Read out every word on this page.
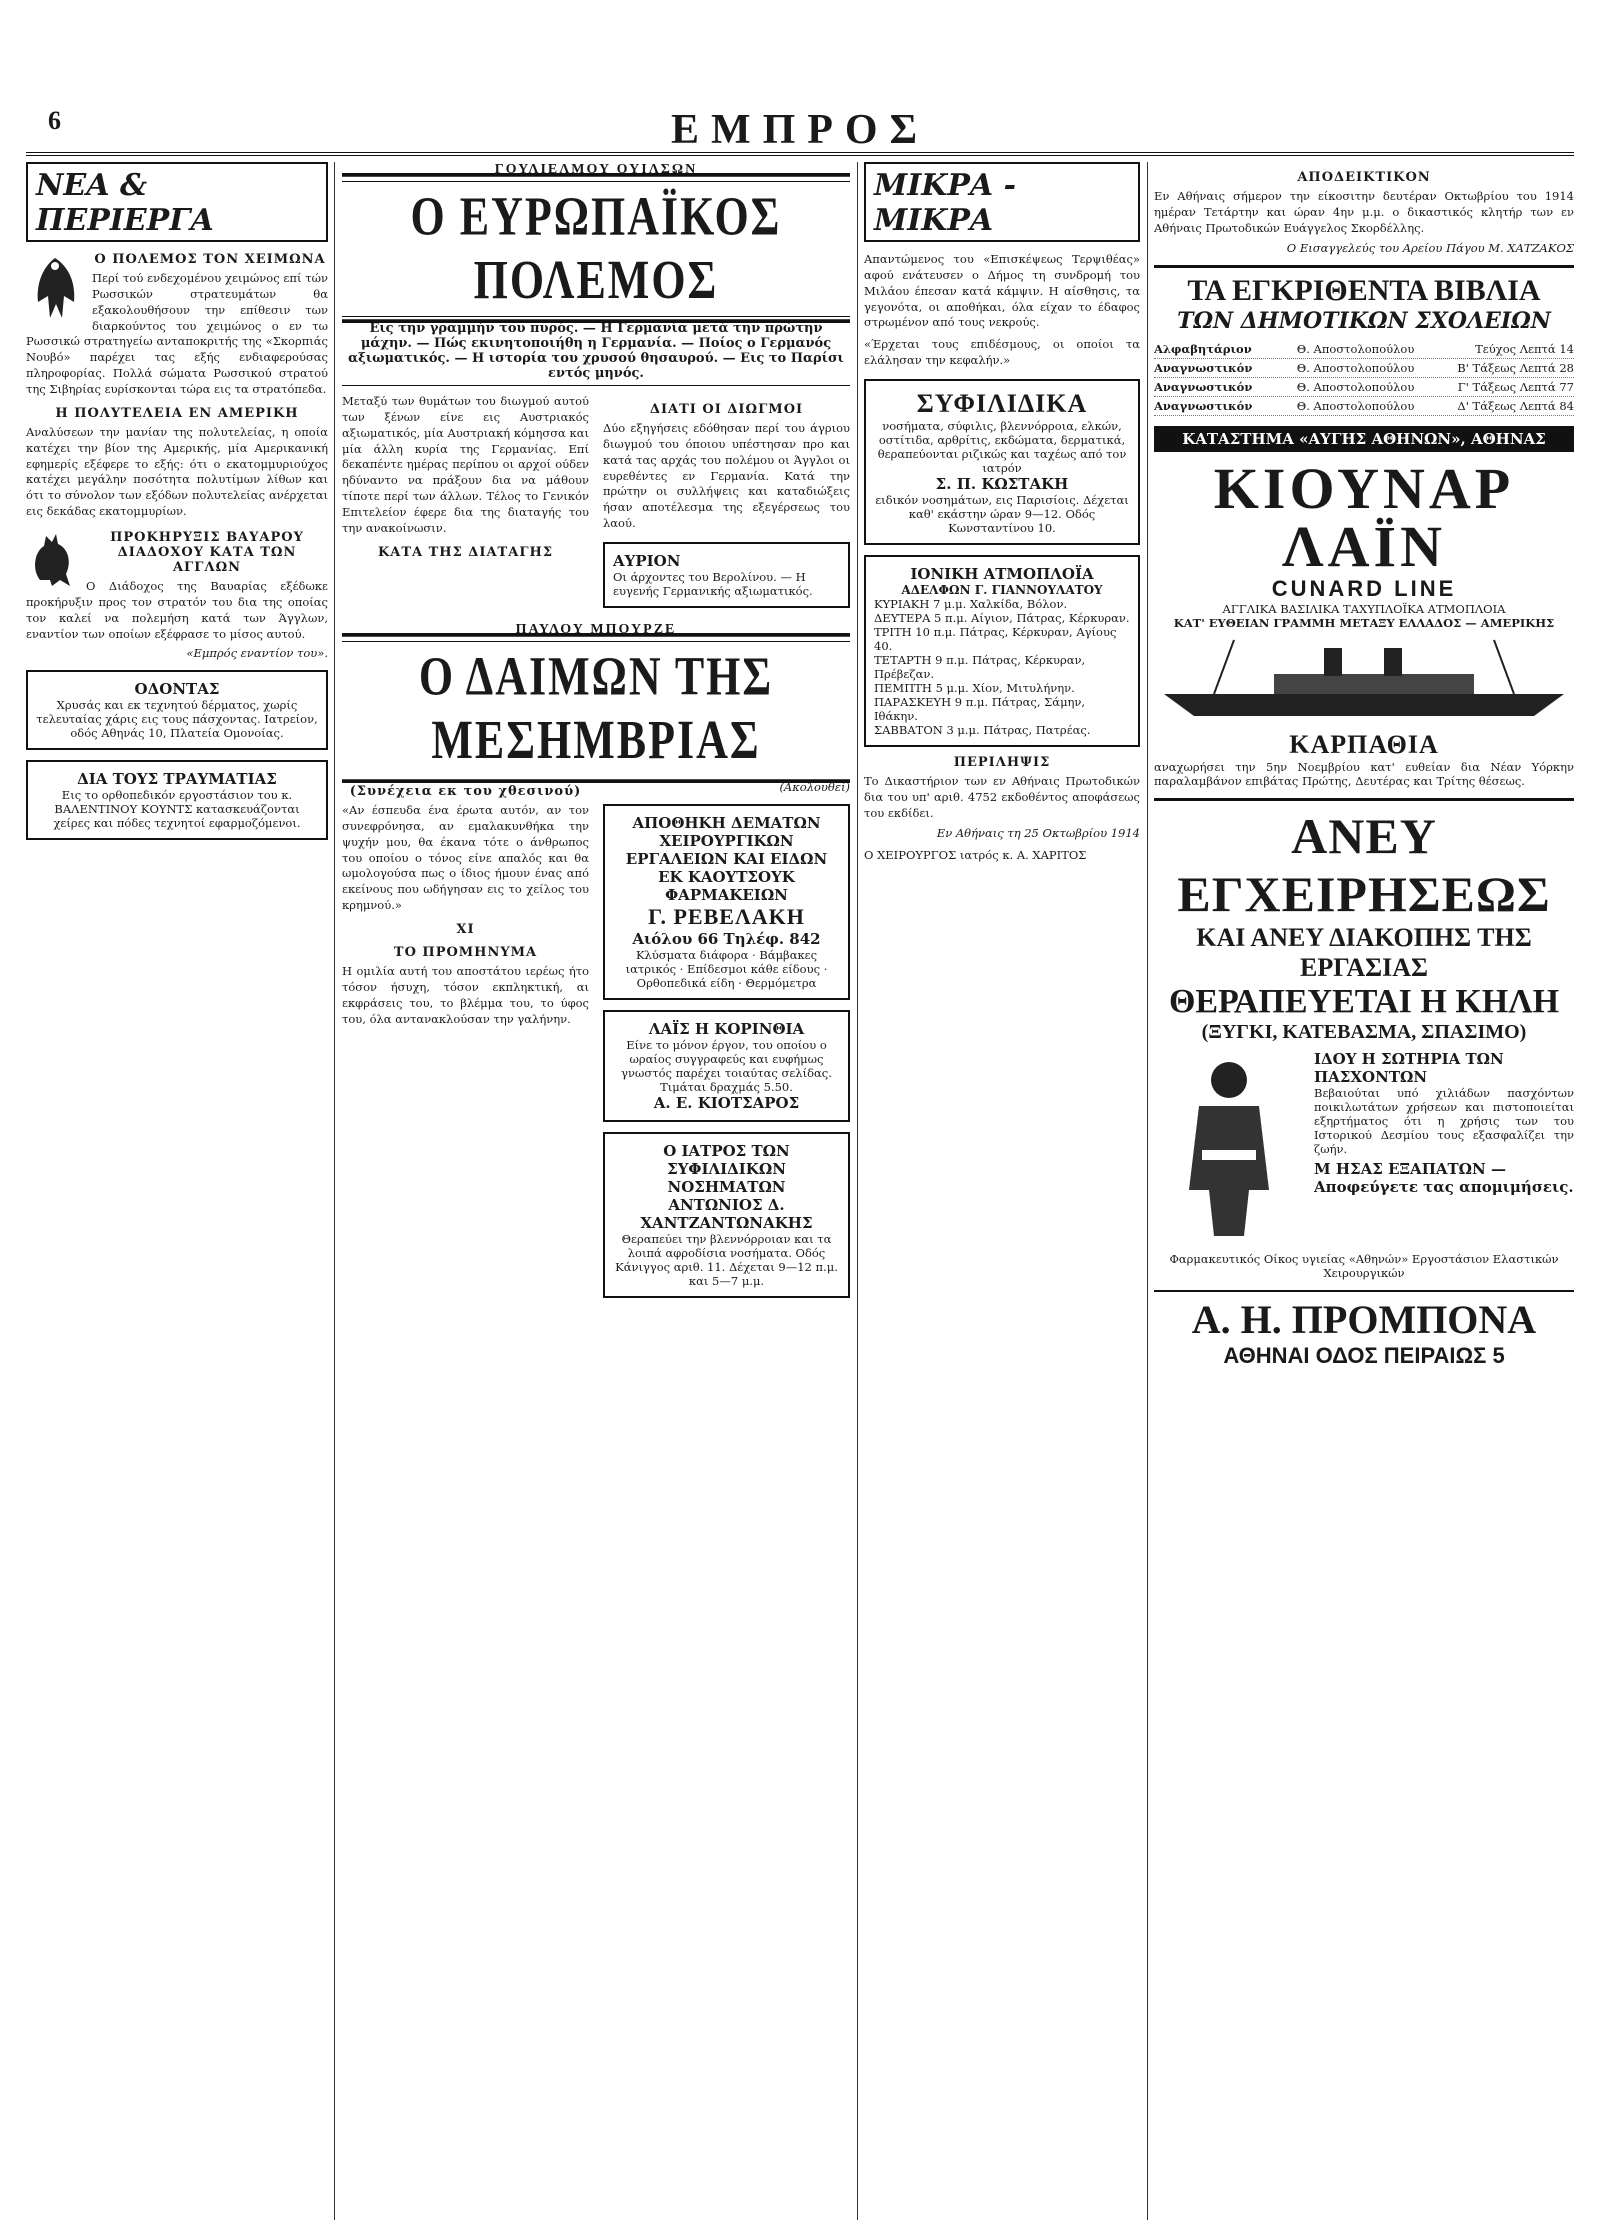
6	ΕΜΠΡΟΣ
ΝΕΑ & ΠΕΡΙΕΡΓΑ
Ο ΠΟΛΕΜΟΣ ΤΟΝ ΧΕΙΜΩΝΑ

Περί τού ενδεχομένου χειμώνος επί τών Ρωσσικών στρατευμάτων θα εξακολουθήσουν την επίθεσιν των διαρκούντος του χειμώνος ο εν τω Ρωσσικώ στρατηγείω ανταποκριτής της «Σκορπιάς Νουβό» παρέχει τας εξής ενδιαφερούσας πληροφορίας. Πολλά σώματα Ρωσσικού στρατού της Σιβηρίας ευρίσκονται τώρα εις τα στρατόπεδα.

Η ΠΟΛΥΤΕΛΕΙΑ ΕΝ ΑΜΕΡΙΚΗ

Αναλύσεων την μανίαν της πολυτελείας, η οποία κατέχει την βίον της Αμερικής, μία Αμερικανική εφημερίς εξέφερε το εξής: ότι ο εκατομμυριούχος κατέχει μεγάλην ποσότητα πολυτίμων λίθων και ότι το σύνολον των εξόδων πολυτελείας ανέρχεται εις δεκάδας εκατομμυρίων.

ΠΡΟΚΗΡΥΞΙΣ ΒΑΥΑΡΟΥ ΔΙΑΔΟΧΟΥ ΚΑΤΑ ΤΩΝ ΑΓΓΛΩΝ

Ο Διάδοχος της Βαυαρίας εξέδωκε προκήρυξιν προς τον στρατόν του δια της οποίας τον καλεί να πολεμήση κατά των Άγγλων, εναντίον των οποίων εξέφρασε το μίσος αυτού.

«Εμπρός εναντίον του».
ΟΔΟΝΤΑΣ

Χρυσάς και εκ τεχνητού δέρματος, χωρίς τελευταίας χάρις εις τους πάσχοντας. Ιατρείον, οδός Αθηνάς 10, Πλατεία Ομονοίας.

ΔΙΑ ΤΟΥΣ ΤΡΑΥΜΑΤΙΑΣ

Εις το ορθοπεδικόν εργοστάσιον του κ. ΒΑΛΕΝΤΙΝΟΥ ΚΟΥΝΤΣ κατασκευάζονται χείρες και πόδες τεχνητοί εφαρμοζόμενοι.

ΓΟΥΛΙΕΛΜΟΥ ΟΥΙΛΣΩΝ
Ο ΕΥΡΩΠΑΪΚΟΣ ΠΟΛΕΜΟΣ
Εις την γραμμήν του πυρός. — Η Γερμανία μετά την πρώτην μάχην. — Πώς εκινητοποιήθη η Γερμανία. — Ποίος ο Γερμανός αξιωματικός. — Η ιστορία του χρυσού θησαυρού. — Εις το Παρίσι εντός μηνός.

Μεταξύ των θυμάτων του διωγμού αυτού των ξένων είνε εις Αυστριακός αξιωματικός, μία Αυστριακή κόμησσα και μία άλλη κυρία της Γερμανίας. Επί δεκαπέντε ημέρας περίπου οι αρχοί ούδεν ηδύναντο να πράξουν δια να μάθουν τίποτε περί των άλλων. Τέλος το Γενικόν Επιτελείον έφερε δια της διαταγής του την ανακοίνωσιν.

ΚΑΤΑ ΤΗΣ ΔΙΑΤΑΓΗΣ
ΔΙΑΤΙ ΟΙ ΔΙΩΓΜΟΙ

Δύο εξηγήσεις εδόθησαν περί του άγριου διωγμού του όποιου υπέστησαν προ και κατά τας αρχάς του πολέμου οι Άγγλοι οι ευρεθέντες εν Γερμανία. Κατά την πρώτην οι συλλήψεις και καταδιώξεις ήσαν αποτέλεσμα της εξεγέρσεως του λαού.

ΑΥΡΙΟΝ

Οι άρχοντες του Βερολίνου. — Η ευγενής Γερμανικής αξιωματικός.

ΠΑΥΛΟΥ ΜΠΟΥΡΖΕ
Ο ΔΑΙΜΩΝ ΤΗΣ ΜΕΣΗΜΒΡΙΑΣ
(Συνέχεια εκ του χθεσινού)

«Αν έσπευδα ένα έρωτα αυτόν, αν τον συνεφρόνησα, αν εμαλακυνθήκα την ψυχήν μου, θα έκανα τότε ο άνθρωπος του οποίου ο τόνος είνε απαλός και θα ωμολογούσα πως ο ίδιος ήμουν ένας από εκείνους που ωδήγησαν εις το χείλος του κρημνού.»

ΧΙ
ΤΟ ΠΡΟΜΗΝΥΜΑ

Η ομιλία αυτή του αποστάτου ιερέως ήτο τόσον ήσυχη, τόσον εκπληκτική, αι εκφράσεις του, το βλέμμα του, το ύφος του, όλα αντανακλούσαν την γαλήνην.

(Ακολουθεί)
ΑΠΟΘΗΚΗ ΔΕΜΑΤΩΝ ΧΕΙΡΟΥΡΓΙΚΩΝ ΕΡΓΑΛΕΙΩΝ ΚΑΙ ΕΙΔΩΝ ΕΚ ΚΑΟΥΤΣΟΥΚ ΦΑΡΜΑΚΕΙΩΝ
Γ. ΡΕΒΕΛΑΚΗ
Αιόλου 66 Τηλέφ. 842

Κλύσματα διάφορα · Βάμβακες ιατρικός · Επίδεσμοι κάθε είδους · Ορθοπεδικά είδη · Θερμόμετρα

ΛΑΪΣ Η ΚΟΡΙΝΘΙΑ

Είνε το μόνον έργον, του οποίου ο ωραίος συγγραφεύς και ευφήμως γνωστός παρέχει τοιαύτας σελίδας. Τιμάται δραχμάς 5.50.

Α. Ε. ΚΙΟΤΣΑΡΟΣ
Ο ΙΑΤΡΟΣ ΤΩΝ ΣΥΦΙΛΙΔΙΚΩΝ ΝΟΣΗΜΑΤΩΝ
ΑΝΤΩΝΙΟΣ Δ. ΧΑΝΤΖΑΝΤΩΝΑΚΗΣ

Θεραπεύει την βλεννόρροιαν και τα λοιπά αφροδίσια νοσήματα. Οδός Κάνιγγος αριθ. 11. Δέχεται 9—12 π.μ. και 5—7 μ.μ.

ΜΙΚΡΑ - ΜΙΚΡΑ

Απαντώμενος του «Επισκέψεως Τερψιθέας» αφού ενάτευσεν ο Δήμος τη συνδρομή του Μιλάου έπεσαν κατά κάμψιν. Η αίσθησις, τα γεγονότα, οι αποθήκαι, όλα είχαν το έδαφος στρωμένον από τους νεκρούς.

«Έρχεται τους επιδέσμους, οι οποίοι τα ελάλησαν την κεφαλήν.»

ΣΥΦΙΛΙΔΙΚΑ

νοσήματα, σύφιλις, βλεννόρροια, ελκών, οστίτιδα, αρθρίτις, εκδώματα, δερματικά, θεραπεύονται ριζικώς και ταχέως από τον ιατρόν

Σ. Π. ΚΩΣΤΑΚΗ

ειδικόν νοσημάτων, εις Παρισίοις. Δέχεται καθ' εκάστην ώραν 9—12. Οδός Κωνσταντίνου 10.

ΙΟΝΙΚΗ ΑΤΜΟΠΛΟΪΑ
ΑΔΕΛΦΩΝ Γ. ΓΙΑΝΝΟΥΛΑΤΟΥ
ΚΥΡΙΑΚΗ 7 μ.μ. Χαλκίδα, Βόλον.
ΔΕΥΤΕΡΑ 5 π.μ. Αίγιον, Πάτρας, Κέρκυραν.
ΤΡΙΤΗ 10 π.μ. Πάτρας, Κέρκυραν, Αγίους 40.
ΤΕΤΑΡΤΗ 9 π.μ. Πάτρας, Κέρκυραν, Πρέβεζαν.
ΠΕΜΠΤΗ 5 μ.μ. Χίον, Μιτυλήνην.
ΠΑΡΑΣΚΕΥΗ 9 π.μ. Πάτρας, Σάμην, Ιθάκην.
ΣΑΒΒΑΤΟΝ 3 μ.μ. Πάτρας, Πατρέας.
ΠΕΡΙΛΗΨΙΣ

Το Δικαστήριον των εν Αθήναις Πρωτοδικών δια του υπ' αριθ. 4752 εκδοθέντος αποφάσεως του εκδίδει.

Εν Αθήναις τη 25 Οκτωβρίου 1914

Ο ΧΕΙΡΟΥΡΓΟΣ ιατρός κ. Α. ΧΑΡΙΤΟΣ

ΑΠΟΔΕΙΚΤΙΚΟΝ

Εν Αθήναις σήμερον την είκοσιτην δευτέραν Οκτωβρίου του 1914 ημέραν Τετάρτην και ώραν 4ην μ.μ. ο δικαστικός κλητήρ των εν Αθήναις Πρωτοδικών Ευάγγελος Σκορδέλλης.

Ο Εισαγγελεύς του Αρείου Πάγου Μ. ΧΑΤΖΑΚΟΣ
ΤΑ ΕΓΚΡΙΘΕΝΤΑ ΒΙΒΛΙΑ
ΤΩΝ ΔΗΜΟΤΙΚΩΝ ΣΧΟΛΕΙΩΝ
Αλφαβητάριον	Θ. Αποστολοπούλου	Τεύχος Λεπτά 14
Αναγνωστικόν	Θ. Αποστολοπούλου	Β' Τάξεως Λεπτά 28
Αναγνωστικόν	Θ. Αποστολοπούλου	Γ' Τάξεως Λεπτά 77
Αναγνωστικόν	Θ. Αποστολοπούλου	Δ' Τάξεως Λεπτά 84
ΚΑΤΑΣΤΗΜΑ «ΑΥΓΗΣ ΑΘΗΝΩΝ», ΑΘΗΝΑΣ
ΚΙΟΥΝΑΡ ΛΑΪΝ
CUNARD LINE
ΑΓΓΛΙΚΑ ΒΑΣΙΛΙΚΑ ΤΑΧΥΠΛΟΪΚΑ ΑΤΜΟΠΛΟΙΑ
ΚΑΤ' ΕΥΘΕΙΑΝ ΓΡΑΜΜΗ ΜΕΤΑΞΥ ΕΛΛΑΔΟΣ — ΑΜΕΡΙΚΗΣ
ΚΑΡΠΑΘΙΑ

αναχωρήσει την 5ην Νοεμβρίου κατ' ευθείαν δια Νέαν Υόρκην παραλαμβάνον επιβάτας Πρώτης, Δευτέρας και Τρίτης θέσεως.

ΑΝΕΥ ΕΓΧΕΙΡΗΣΕΩΣ
ΚΑΙ ΑΝΕΥ ΔΙΑΚΟΠΗΣ ΤΗΣ ΕΡΓΑΣΙΑΣ
ΘΕΡΑΠΕΥΕΤΑΙ Η ΚΗΛΗ
(ΞΥΓΚΙ, ΚΑΤΕΒΑΣΜΑ, ΣΠΑΣΙΜΟ)
ΙΔΟΥ Η ΣΩΤΗΡΙΑ ΤΩΝ ΠΑΣΧΟΝΤΩΝ

Βεβαιούται υπό χιλιάδων πασχόντων ποικιλωτάτων χρήσεων και πιστοποιείται εξηρτήματος ότι η χρήσις των του Ιστορικού Δεσμίου τους εξασφαλίζει την ζωήν.

Μ ΗΣΑΣ ΕΞΑΠΑΤΩΝ — Αποφεύγετε τας απομιμήσεις.

Φαρμακευτικός Οίκος υγιείας «Αθηνών» Εργοστάσιον Ελαστικών Χειρουργικών

Α. Η. ΠΡΟΜΠΟΝΑ
ΑΘΗΝΑΙ ΟΔΟΣ ΠΕΙΡΑΙΩΣ 5
